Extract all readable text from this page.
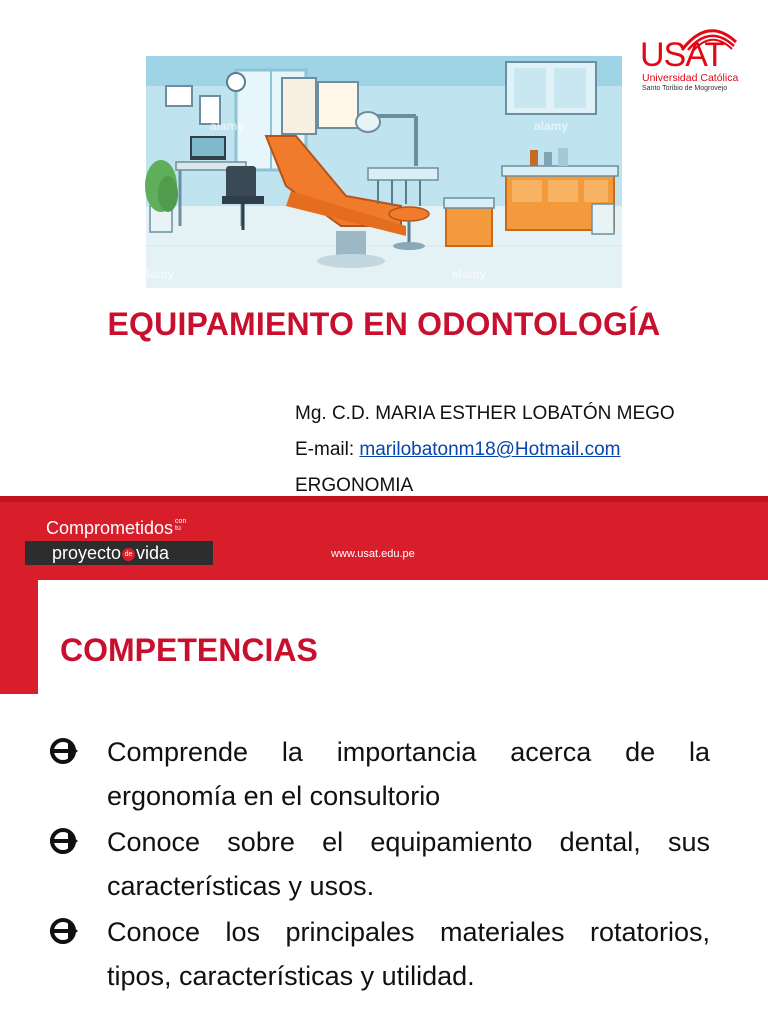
alamy	alamy
alamy	alamy
USAT
Universidad Católica
Santo Toribio de Mogrovejo
EQUIPAMIENTO EN ODONTOLOGÍA
Mg. C.D. MARIA ESTHER LOBATÓN MEGO
E-mail: marilobatonm18@Hotmail.com
ERGONOMIA
Comprometidos con
tu
proyecto de vida	www.usat.edu.pe
COMPETENCIAS
Comprende la importancia acerca de la ergonomía en el consultorio
Conoce sobre el equipamiento dental, sus características y usos.
Conoce los principales materiales rotatorios, tipos, características y utilidad.
